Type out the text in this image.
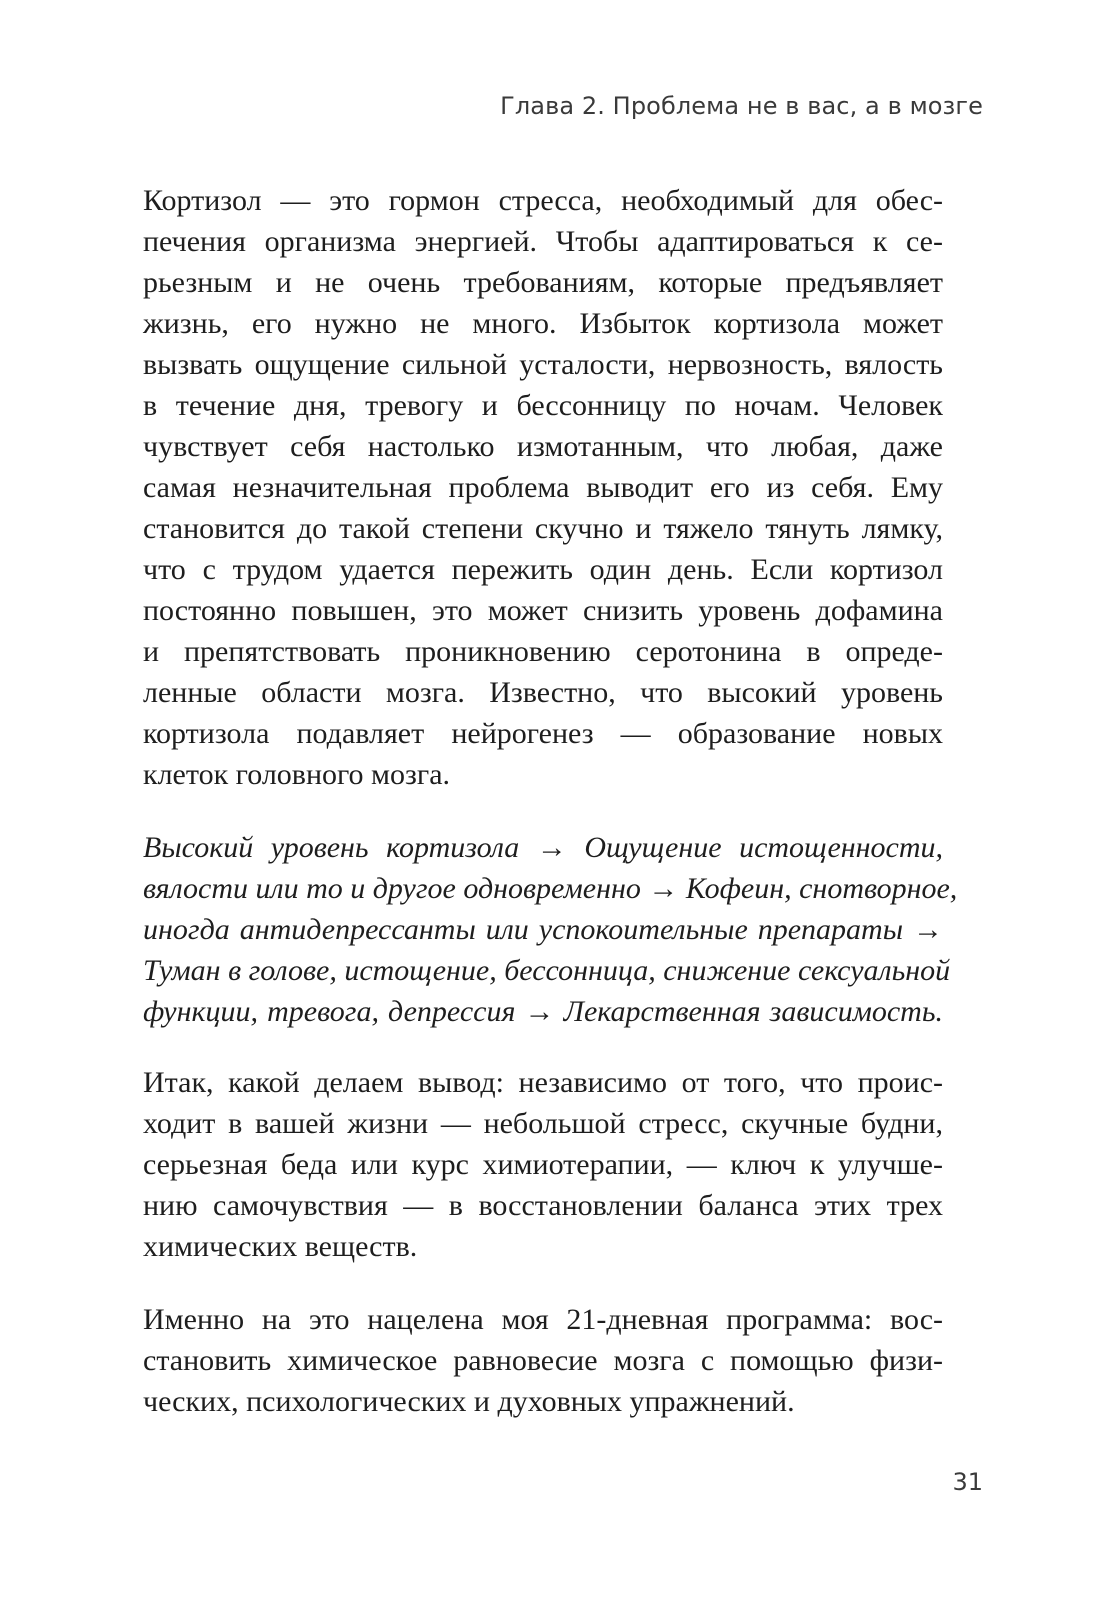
Глава 2. Проблема не в вас, а в мозге

Кортизол — это гормон стресса, необходимый для обес-
печения организма энергией. Чтобы адаптироваться к се-
рьезным и не очень требованиям, которые предъявляет
жизнь, его нужно не много. Избыток кортизола может
вызвать ощущение сильной усталости, нервозность, вялость
в течение дня, тревогу и бессонницу по ночам. Человек
чувствует себя настолько измотанным, что любая, даже
самая незначительная проблема выводит его из себя. Ему
становится до такой степени скучно и тяжело тянуть лямку,
что с трудом удается пережить один день. Если кортизол
постоянно повышен, это может снизить уровень дофамина
и препятствовать проникновению серотонина в опреде-
ленные области мозга. Известно, что высокий уровень
кортизола подавляет нейрогенез — образование новых
клеток головного мозга.

Высокий уровень кортизола → Ощущение истощенности,
вялости или то и другое одновременно → Кофеин, снотворное,
иногда антидепрессанты или успокоительные препараты →
Туман в голове, истощение, бессонница, снижение сексуальной
функции, тревога, депрессия → Лекарственная зависимость.

Итак, какой делаем вывод: независимо от того, что проис-
ходит в вашей жизни — небольшой стресс, скучные будни,
серьезная беда или курс химиотерапии, — ключ к улучше-
нию самочувствия — в восстановлении баланса этих трех
химических веществ.

Именно на это нацелена моя 21-дневная программа: вос-
становить химическое равновесие мозга с помощью физи-
ческих, психологических и духовных упражнений.

31
